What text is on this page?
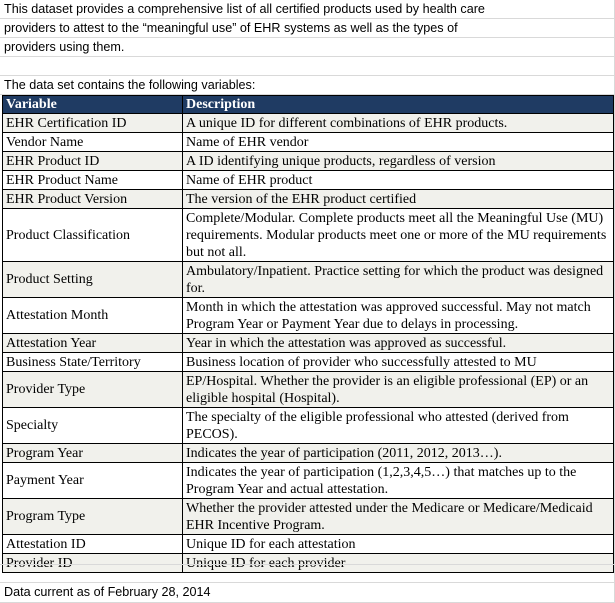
This dataset provides a comprehensive list of all certified products used by health care
providers to attest to the “meaningful use” of EHR systems as well as the types of
providers using them.
The data set contains the following variables:
Variable	Description
EHR Certification ID	A unique ID for different combinations of EHR products.
Vendor Name	Name of EHR vendor
EHR Product ID	A ID identifying unique products, regardless of version
EHR Product Name	Name of EHR product
EHR Product Version	The version of the EHR product certified
Product Classification	Complete/Modular. Complete products meet all the Meaningful Use (MU) requirements. Modular products meet one or more of the MU requirements but not all.
Product Setting	Ambulatory/Inpatient. Practice setting for which the product was designed for.
Attestation Month	Month in which the attestation was approved successful. May not match Program Year or Payment Year due to delays in processing.
Attestation Year	Year in which the attestation was approved as successful.
Business State/Territory	Business location of provider who successfully attested to MU
Provider Type	EP/Hospital. Whether the provider is an eligible professional (EP) or an eligible hospital (Hospital).
Specialty	The specialty of the eligible professional who attested (derived from PECOS).
Program Year	Indicates the year of participation (2011, 2012, 2013…).
Payment Year	Indicates the year of participation (1,2,3,4,5…) that matches up to the Program Year and actual attestation.
Program Type	Whether the provider attested under the Medicare or Medicare/Medicaid EHR Incentive Program.
Attestation ID	Unique ID for each attestation
Provider ID	Unique ID for each provider
Data current as of February 28, 2014
